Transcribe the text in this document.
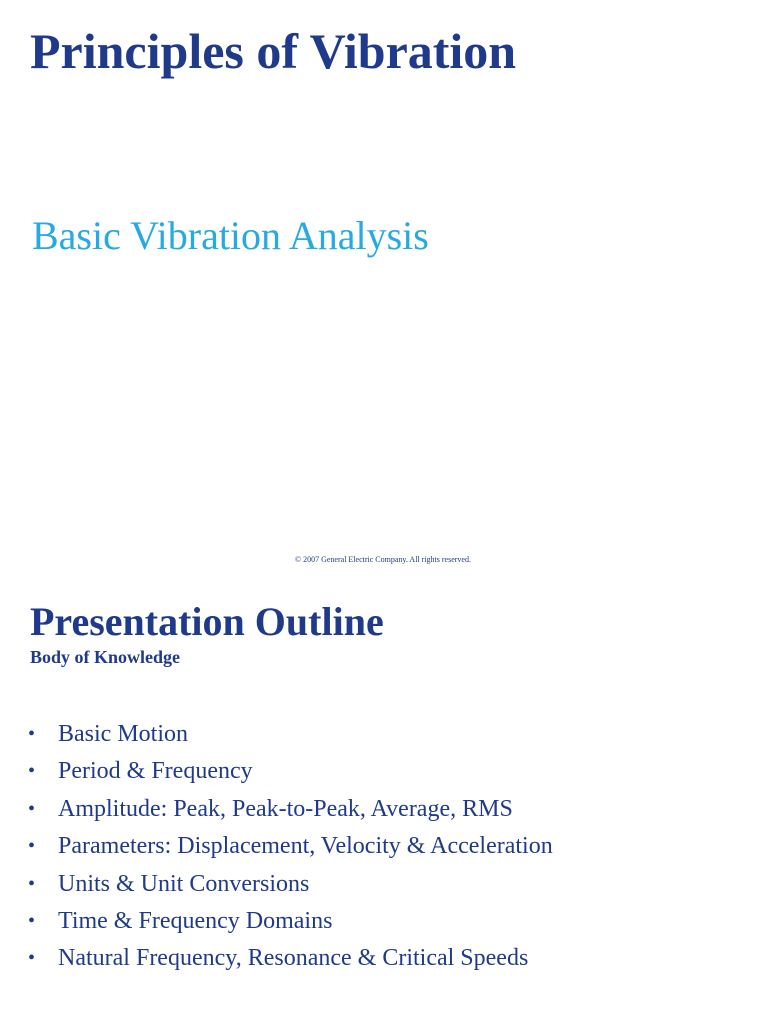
Principles of Vibration
Basic Vibration Analysis
© 2007 General Electric Company. All rights reserved.
Presentation Outline
Body of Knowledge
• Basic Motion
• Period & Frequency
• Amplitude: Peak, Peak-to-Peak, Average, RMS
• Parameters: Displacement, Velocity & Acceleration
• Units & Unit Conversions
• Time & Frequency Domains
• Natural Frequency, Resonance & Critical Speeds
